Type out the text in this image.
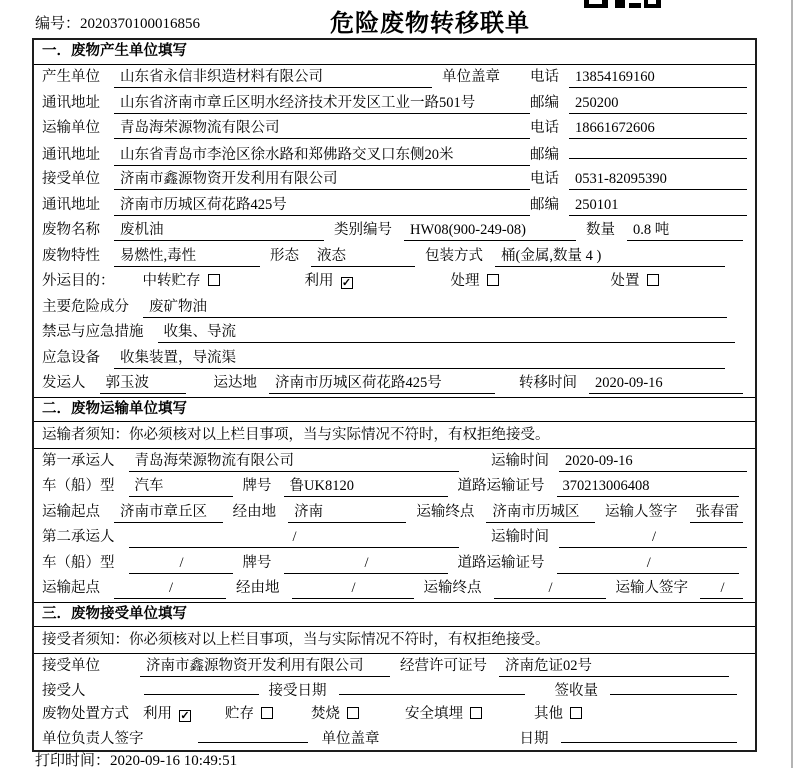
编号：2020370100016856	危险废物转移联单
一．废物产生单位填写
产生单位	山东省永信非织造材料有限公司	单位盖章 电话	13854169160
通讯地址	山东省济南市章丘区明水经济技术开发区工业一路501号	邮编	250200
运输单位	青岛海荣源物流有限公司	电话	18661672606
通讯地址	山东省青岛市李沧区徐水路和郑佛路交叉口东侧20米	邮编
接受单位	济南市鑫源物资开发利用有限公司	电话	0531-82095390
通讯地址	济南市历城区荷花路425号	邮编	250101
废物名称	废机油	类别编号	HW08(900-249-08)	数量	0.8 吨
废物特性	易燃性,毒性	形态	液态	包装方式	桶(金属,数量 4 )
外运目的： 中转贮存	利用 ✓	处理	处置
主要危险成分	废矿物油
禁忌与应急措施	收集、导流
应急设备	收集装置，导流渠
发运人	郭玉波	运达地	济南市历城区荷花路425号	转移时间	2020-09-16
二．废物运输单位填写
运输者须知：你必须核对以上栏目事项，当与实际情况不符时，有权拒绝接受。
第一承运人	青岛海荣源物流有限公司	运输时间	2020-09-16
车（船）型	汽车	牌号	鲁UK8120	道路运输证号	370213006408
运输起点	济南市章丘区	经由地	济南	运输终点	济南市历城区	运输人签字	张春雷
第二承运人	/	运输时间	/
车（船）型	/	牌号	/	道路运输证号	/
运输起点	/	经由地	/	运输终点	/	运输人签字	/
三．废物接受单位填写
接受者须知：你必须核对以上栏目事项，当与实际情况不符时，有权拒绝接受。
接受单位	济南市鑫源物资开发利用有限公司	经营许可证号	济南危证02号
接受人	接受日期	签收量
废物处置方式 利用 ✓ 贮存	焚烧	安全填埋	其他
单位负责人签字	单位盖章	日期
打印时间：2020-09-16 10:49:51
